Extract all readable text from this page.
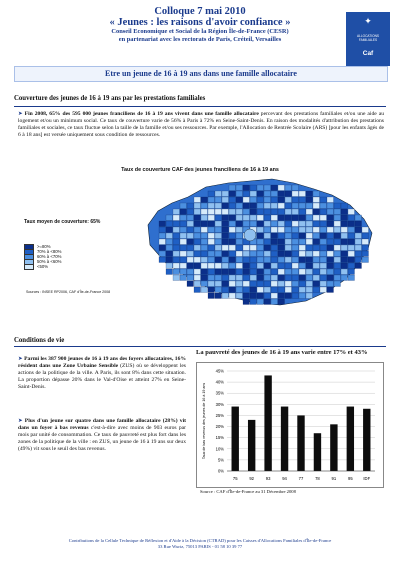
Colloque 7 mai 2010
« Jeunes : les raisons d'avoir confiance »
Conseil Economique et Social de la Région Île-de-France (CESR)
en partenariat avec les rectorats de Paris, Créteil, Versailles
✦
ALLOCATIONS FAMILIALES
Caf
Etre un jeune de 16 à 19 ans dans une famille allocataire
Couverture des jeunes de 16 à 19 ans par les prestations familiales
➤ Fin 2008, 65% des 595 000 jeunes franciliens de 16 à 19 ans vivent dans une famille allocataire percevant des prestations familiales et/ou une aide au logement et/ou un minimum social. Ce taux de couverture varie de 56% à Paris à 72% en Seine-Saint-Denis. En raison des modalités d'attribution des prestations familiales et sociales, ce taux fluctue selon la taille de la famille et/ou ses ressources. Par exemple, l'Allocation de Rentrée Scolaire (ARS) [pour les enfants âgés de 6 à 18 ans] est versée uniquement sous condition de ressources.
Taux de couverture CAF des jeunes franciliens de 16 à 19 ans
Taux moyen de couverture: 65%
>=80%
70% à <80%
60% à <70%
50% à <60%
<50%
Sources : INSEE RP2006, CAF d'Île-de-France 2008
Conditions de vie
➤ Parmi les 387 900 jeunes de 16 à 19 ans des foyers allocataires, 16% résident dans une Zone Urbaine Sensible (ZUS) où se développent les actions de la politique de la ville. A Paris, ils sont 8% dans cette situation. La proportion dépasse 20% dans le Val-d'Oise et atteint 27% en Seine-Saint-Denis.
➤ Plus d'un jeune sur quatre dans une famille allocataire (28%) vit dans un foyer à bas revenus c'est-à-dire avec moins de 903 euros par mois par unité de consommation. Ce taux de pauvreté est plus fort dans les zones de la politique de la ville : en ZUS, un jeune de 16 à 19 ans sur deux (49%) vit sous le seuil des bas revenus.
La pauvreté des jeunes de 16 à 19 ans varie entre 17% et 43%
0%
5%
10%
15%
20%
25%
30%
35%
40%
45%
Taux de bas revenus des jeunes de 16 à 19 ans
75	92	93	94	77	78	91	95	IDF
Source : CAF d'Île-de-France au 31 Décembre 2008
Contributions de la Cellule Technique de Réflexion et d'Aide à la Décision (CTRAD) pour les Caisses d'Allocations Familiales d'Île-de-France
33 Rue Wurtz, 75013 PARIS - 01 58 10 39 77
